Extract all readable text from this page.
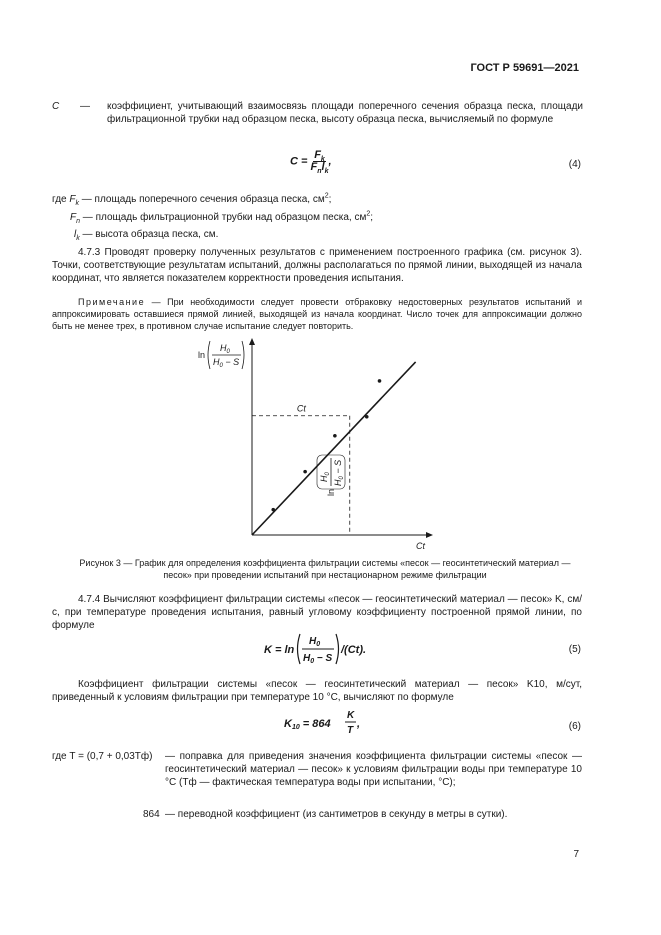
ГОСТ Р 59691—2021
C — коэффициент, учитывающий взаимосвязь площади поперечного сечения образца песка, площади фильтрационной трубки над образцом песка, высоту образца песка, вычисляемый по формуле
$C = \frac{F_k}{F_nl_k}$ ,	(4)
где $F_k$ — площадь поперечного сечения образца песка, $см^2$;
$F_n$ — площадь фильтрационной трубки над образцом песка, $см^2$;
$l_k$ — высота образца песка, см.
4.7.3 Проводят проверку полученных результатов с применением построенного графика (см. рисунок 3). Точки, соответствующие результатам испытаний, должны располагаться по прямой линии, выходящей из начала координат, что является показателем корректности проведения испытания.
Примечание — При необходимости следует провести отбраковку недостоверных результатов испытаний и аппроксимировать оставшиеся прямой линией, выходящей из начала координат. Число точек для аппроксимации должно быть не менее трех, в противном случае испытание следует повторить.
Ct
ln
$H_0$
$H_0 - S$
ln
$H_0$
$H_0 - S$
Ct
Рисунок 3 — График для определения коэффициента фильтрации системы «песок — геосинтетический материал — песок» при проведении испытаний при нестационарном режиме фильтрации
4.7.4 Вычисляют коэффициент фильтрации системы «песок — геосинтетический материал — песок» K, см/с, при температуре проведения испытания, равный угловому коэффициенту построенной прямой линии, по формуле
K = ln
$H_0$
$H_0 - S$
/(Ct).	(5)
Коэффициент фильтрации системы «песок — геосинтетический материал — песок» K10, м/сут, приведенный к условиям фильтрации при температуре 10 °С, вычисляют по формуле
K10 = 864
K
T
,	(6)
где T = (0,7 + 0,03Tф) — поправка для приведения значения коэффициента фильтрации системы «песок — геосинтетический материал — песок» к условиям фильтрации воды при температуре 10 °С (Tф — фактическая температура воды при испытании, °С);
864 — переводной коэффициент (из сантиметров в секунду в метры в сутки).
7
